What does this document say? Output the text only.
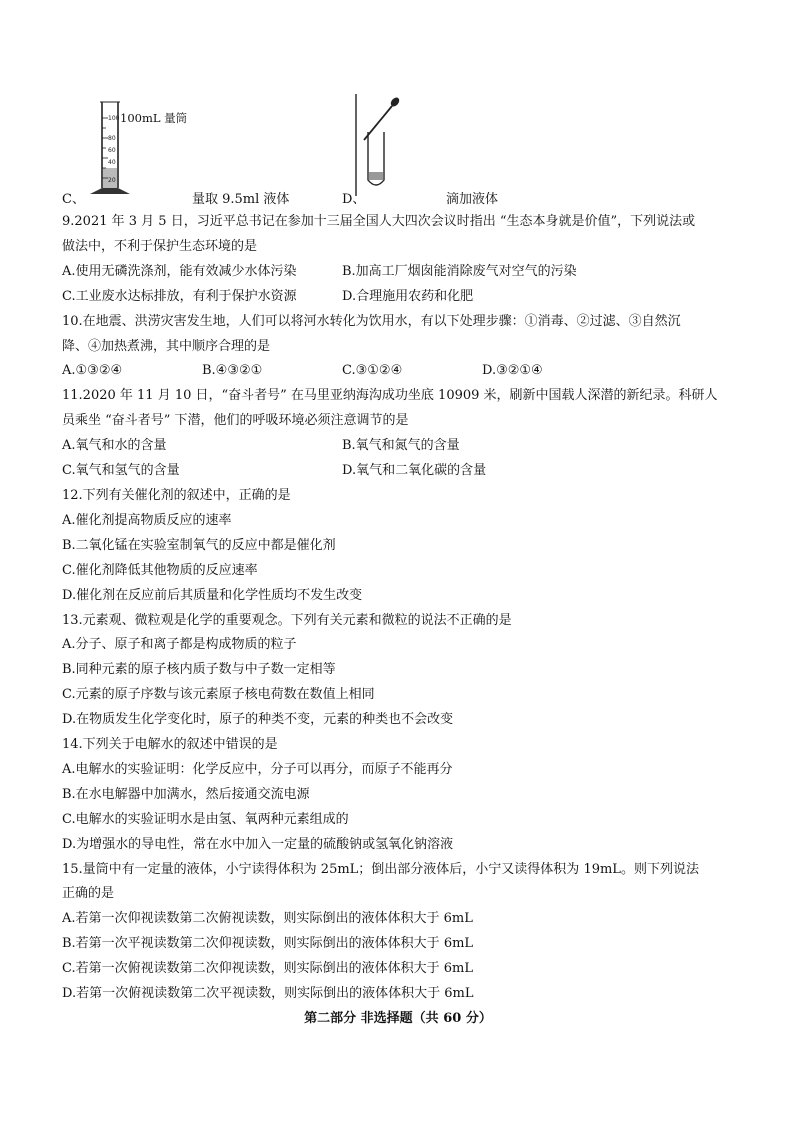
C、
100
80
60
40
20
100mL 量筒
量取 9.5ml 液体	D、	滴加液体
9.2021 年 3 月 5 日，习近平总书记在参加十三届全国人大四次会议时指出 “生态本身就是价值”，下列说法或
做法中，不利于保护生态环境的是
A.使用无磷洗涤剂，能有效减少水体污染	B.加高工厂烟囱能消除废气对空气的污染
C.工业废水达标排放，有利于保护水资源	D.合理施用农药和化肥
10.在地震、洪涝灾害发生地，人们可以将河水转化为饮用水，有以下处理步骤：①消毒、②过滤、③自然沉
降、④加热煮沸，其中顺序合理的是
A.①③②④	B.④③②①	C.③①②④	D.③②①④
11.2020 年 11 月 10 日，“奋斗者号” 在马里亚纳海沟成功坐底 10909 米，刷新中国载人深潜的新纪录。科研人
员乘坐 “奋斗者号” 下潜，他们的呼吸环境必须注意调节的是
A.氧气和水的含量	B.氧气和氮气的含量
C.氧气和氢气的含量	D.氧气和二氧化碳的含量
12.下列有关催化剂的叙述中，正确的是
A.催化剂提高物质反应的速率
B.二氧化锰在实验室制氧气的反应中都是催化剂
C.催化剂降低其他物质的反应速率
D.催化剂在反应前后其质量和化学性质均不发生改变
13.元素观、微粒观是化学的重要观念。下列有关元素和微粒的说法不正确的是
A.分子、原子和离子都是构成物质的粒子
B.同种元素的原子核内质子数与中子数一定相等
C.元素的原子序数与该元素原子核电荷数在数值上相同
D.在物质发生化学变化时，原子的种类不变，元素的种类也不会改变
14.下列关于电解水的叙述中错误的是
A.电解水的实验证明：化学反应中，分子可以再分，而原子不能再分
B.在水电解器中加满水，然后接通交流电源
C.电解水的实验证明水是由氢、氧两种元素组成的
D.为增强水的导电性，常在水中加入一定量的硫酸钠或氢氧化钠溶液
15.量筒中有一定量的液体，小宁读得体积为 25mL；倒出部分液体后，小宁又读得体积为 19mL。则下列说法
正确的是
A.若第一次仰视读数第二次俯视读数，则实际倒出的液体体积大于 6mL
B.若第一次平视读数第二次仰视读数，则实际倒出的液体体积大于 6mL
C.若第一次俯视读数第二次仰视读数，则实际倒出的液体体积大于 6mL
D.若第一次俯视读数第二次平视读数，则实际倒出的液体体积大于 6mL
第二部分 非选择题（共 60 分）
